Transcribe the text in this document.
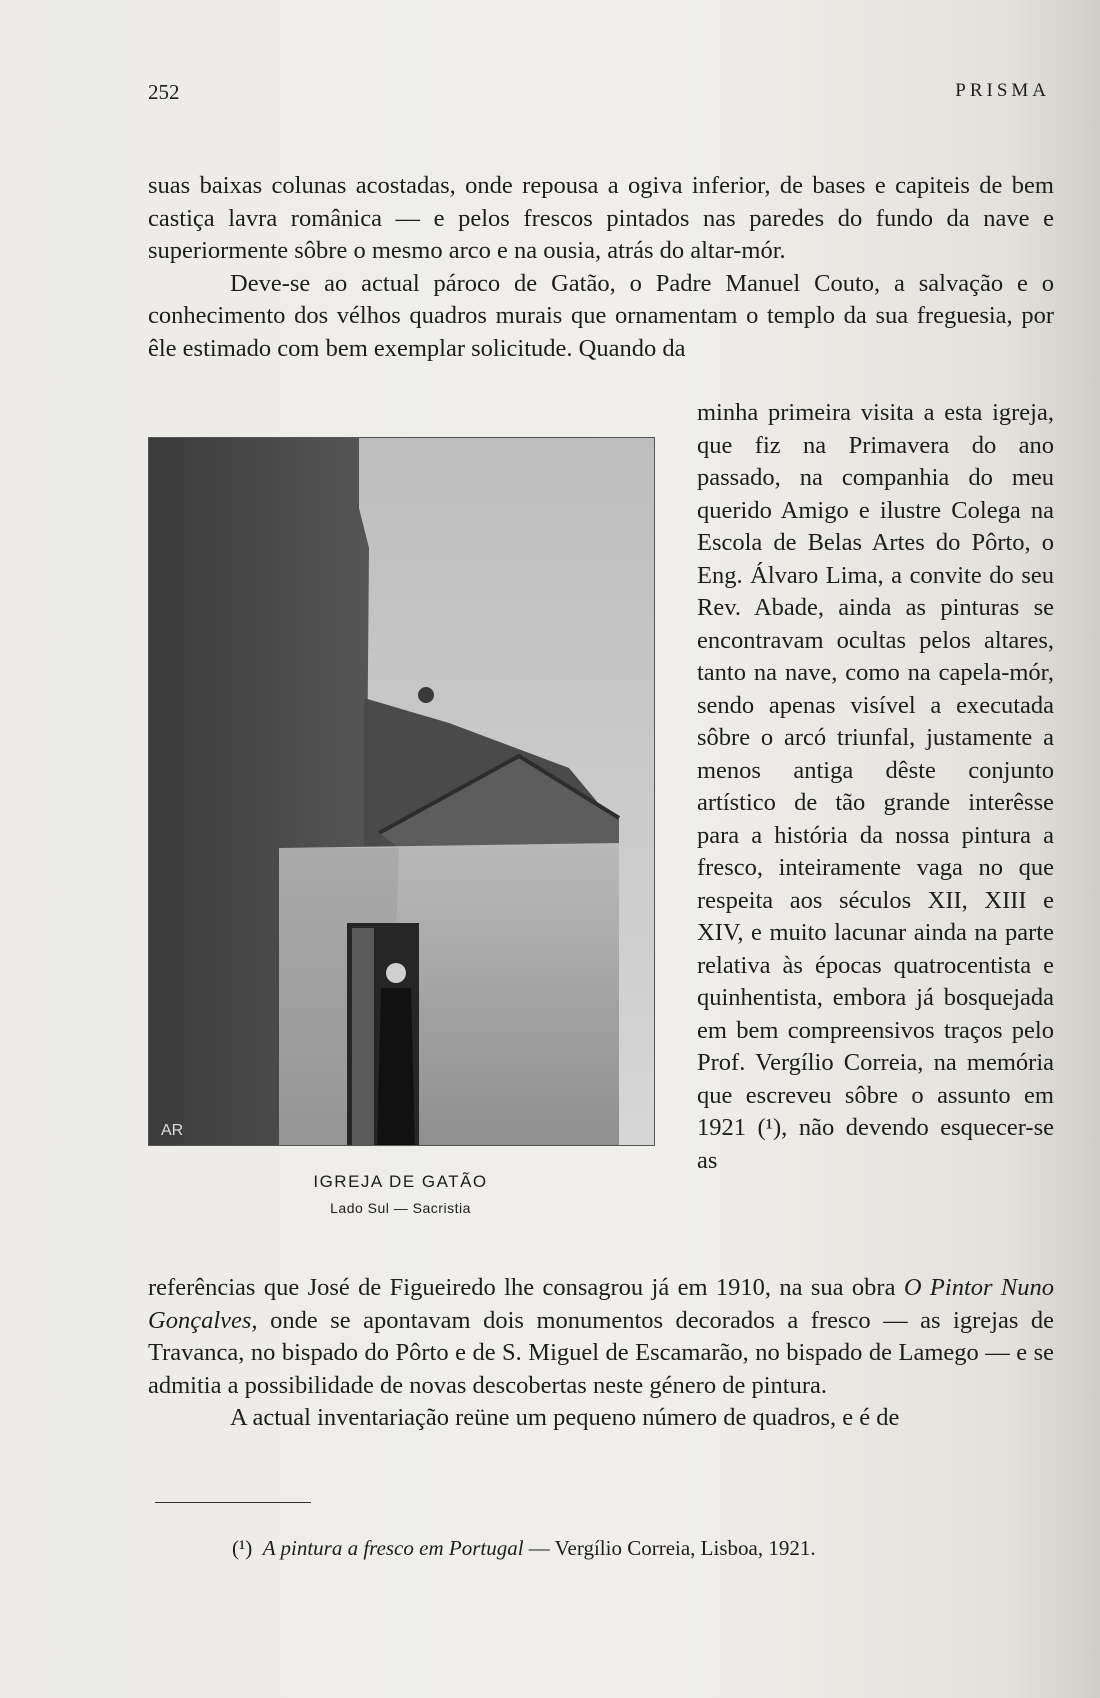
252	PRISMA

suas baixas colunas acostadas, onde repousa a ogiva inferior, de bases e capiteis de bem castiça lavra românica — e pelos frescos pintados nas paredes do fundo da nave e superiormente sôbre o mesmo arco e na ousia, atrás do altar-mór.

Deve-se ao actual pároco de Gatão, o Padre Manuel Couto, a salvação e o conhecimento dos vélhos quadros murais que ornamentam o templo da sua freguesia, por êle estimado com bem exemplar solicitude. Quando da

AR
IGREJA DE GATÃO
Lado Sul — Sacristia

minha primeira visita a esta igreja, que fiz na Primavera do ano passado, na companhia do meu querido Amigo e ilustre Colega na Escola de Belas Artes do Pôrto, o Eng. Álvaro Lima, a convite do seu Rev. Abade, ainda as pinturas se encontravam ocultas pelos altares, tanto na nave, como na capela-mór, sendo apenas visível a executada sôbre o arcó triunfal, justamente a menos antiga dêste conjunto artístico de tão grande interêsse para a história da nossa pintura a fresco, inteiramente vaga no que respeita aos séculos XII, XIII e XIV, e muito lacunar ainda na parte relativa às épocas quatrocentista e quinhentista, embora já bosquejada em bem compreensivos traços pelo Prof. Vergílio Correia, na memória que escreveu sôbre o assunto em 1921 (¹), não devendo esquecer-se as

referências que José de Figueiredo lhe consagrou já em 1910, na sua obra O Pintor Nuno Gonçalves, onde se apontavam dois monumentos decorados a fresco — as igrejas de Travanca, no bispado do Pôrto e de S. Miguel de Escamarão, no bispado de Lamego — e se admitia a possibilidade de novas descobertas neste género de pintura.

A actual inventariação reüne um pequeno número de quadros, e é de

(¹) A pintura a fresco em Portugal — Vergílio Correia, Lisboa, 1921.
